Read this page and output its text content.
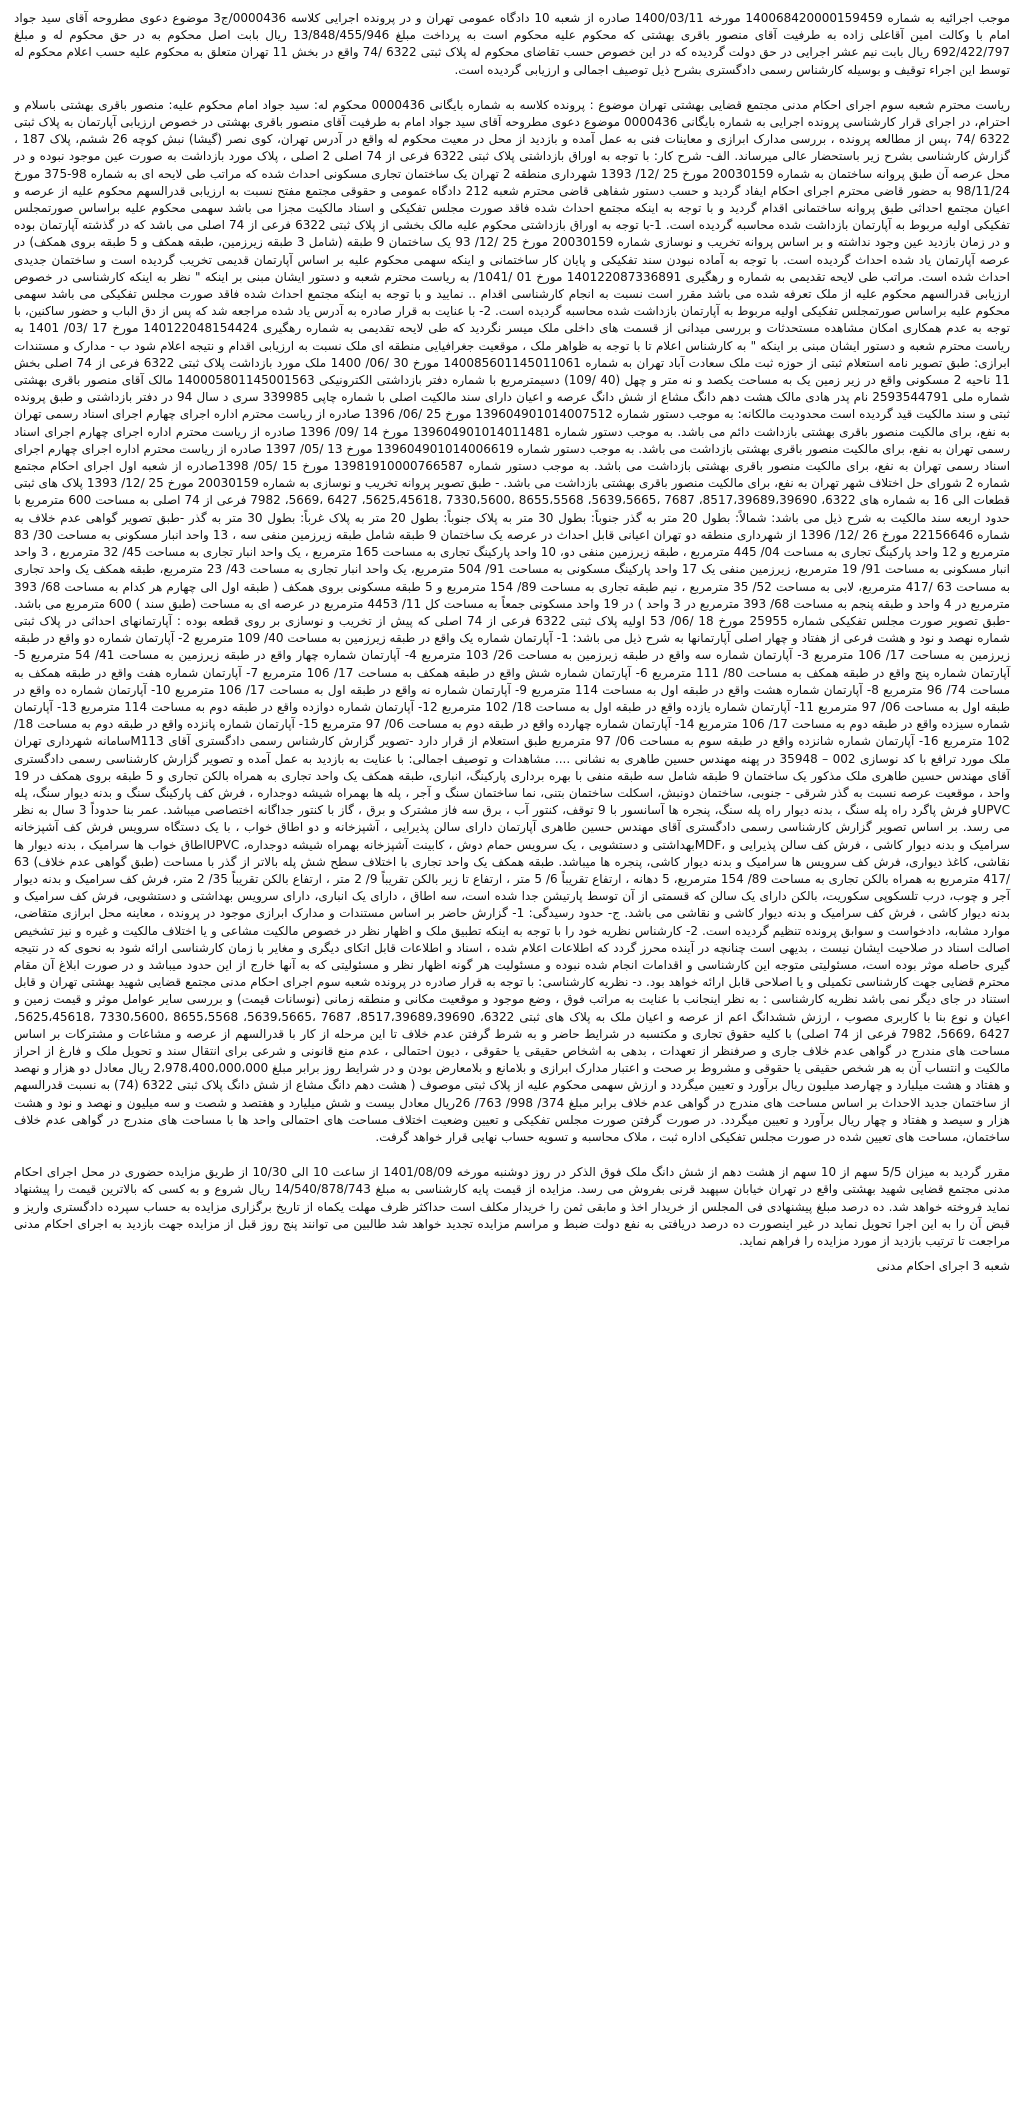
موجب اجرائیه به شماره 140068420000159459 مورخه 1400/03/11 صادره از شعبه 10 دادگاه عمومی تهران و در پرونده اجرایی کلاسه 0000436/ج3 موضوع دعوی مطروحه آقای سید جواد امام با وکالت امین آقاعلی زاده به طرفیت آقای منصور باقری بهشتی که محکوم علیه محکوم است به پرداخت مبلغ 13/848/455/946 ریال بابت اصل محکوم به در حق محکوم له و مبلغ 692/422/797 ریال بابت نیم عشر اجرایی در حق دولت گردیده که در این خصوص حسب تقاضای محکوم له پلاک ثبتی 6322 /74 واقع در بخش 11 تهران متعلق به محکوم علیه حسب اعلام محکوم له توسط این اجراء توقیف و بوسیله کارشناس رسمی دادگستری بشرح ذیل توصیف اجمالی و ارزیابی گردیده است.

ریاست محترم شعبه سوم اجرای احکام مدنی مجتمع قضایی بهشتی تهران موضوع : پرونده کلاسه به شماره بایگانی 0000436 محکوم له: سید جواد امام محکوم علیه: منصور باقری بهشتی باسلام و احترام، در اجرای قرار کارشناسی پرونده اجرایی به شماره بایگانی 0000436 موضوع دعوی مطروحه آقای سید جواد امام به طرفیت آقای منصور باقری بهشتی در خصوص ارزیابی آپارتمان به پلاک ثبتی 6322 /74 ،پس از مطالعه پرونده ، بررسی مدارک ابرازی و معاینات فنی به عمل آمده و بازدید از محل در معیت محکوم له واقع در آدرس تهران، کوی نصر (گیشا) نبش کوچه 26 ششم، پلاک 187 ، گزارش کارشناسی بشرح زیر باستحضار عالی میرساند. الف- شرح کار: با توجه به اوراق بازداشتی پلاک ثبتی 6322 فرعی از 74 اصلی 2 اصلی ، پلاک مورد بازداشت به صورت عین موجود نبوده و در محل عرصه آن طبق پروانه ساختمان به شماره 20030159 مورخ 25 /12/ 1393 شهرداری منطقه 2 تهران یک ساختمان تجاری مسکونی احداث شده که مراتب طی لایحه ای به شماره 98-375 مورخ 98/11/24 به حضور قاضی محترم اجرای احکام ایفاد گردید و حسب دستور شفاهی قاضی محترم شعبه 212 دادگاه عمومی و حقوقی مجتمع مفتح نسبت به ارزیابی قدرالسهم محکوم علیه از عرصه و اعیان مجتمع احداثی طبق پروانه ساختمانی اقدام گردید و با توجه به اینکه مجتمع احداث شده فاقد صورت مجلس تفکیکی و اسناد مالکیت مجزا می باشد سهمی محکوم علیه براساس صورتمجلس تفکیکی اولیه مربوط به آپارتمان بازداشت شده محاسبه گردیده است. 1-با توجه به اوراق بازداشتی محکوم علیه مالک بخشی از پلاک ثبتی 6322 فرعی از 74 اصلی می باشد که در گذشته آپارتمان بوده و در زمان بازدید عین وجود نداشته و بر اساس پروانه تخریب و نوسازی شماره 20030159 مورخ 25 /12/ 93 یک ساختمان 9 طبقه (شامل 3 طبقه زیرزمین، طبقه همکف و 5 طبقه بروی همکف) در عرصه آپارتمان یاد شده احداث گردیده است. با توجه به آماده نبودن سند تفکیکی و پایان کار ساختمانی و اینکه سهمی محکوم علیه بر اساس آپارتمان قدیمی تخریب گردیده است و ساختمان جدیدی احداث شده است. مراتب طی لایحه تقدیمی به شماره و رهگیری 140122087336891 مورخ 01 /1041/ به ریاست محترم شعبه و دستور ایشان مبنی بر اینکه " نظر به اینکه کارشناسی در خصوص ارزیابی قدرالسهم محکوم علیه از ملک تعرفه شده می باشد مقرر است نسبت به انجام کارشناسی اقدام .. نمایید و با توجه به اینکه مجتمع احداث شده فاقد صورت مجلس تفکیکی می باشد سهمی محکوم علیه براساس صورتمجلس تفکیکی اولیه مربوط به آپارتمان بازداشت شده محاسبه گردیده است. 2- با عنایت به قرار صادره به آدرس یاد شده مراجعه شد که پس از دق الباب و حضور ساکنین، با توجه به عدم همکاری امکان مشاهده مستحدثات و بررسی میدانی از قسمت های داخلی ملک میسر نگردید که طی لایحه تقدیمی به شماره رهگیری 140122048154424 مورخ 17 /03/ 1401 به ریاست محترم شعبه و دستور ایشان مبنی بر اینکه " به کارشناس اعلام تا با توجه به ظواهر ملک ، موقعیت جغرافیایی منطقه ای ملک نسبت به ارزیابی اقدام و نتیجه اعلام شود ب - مدارک و مستندات ابرازی: طبق تصویر نامه استعلام ثبتی از حوزه ثبت ملک سعادت آباد تهران به شماره 140085601145011061 مورخ 30 /06/ 1400 ملک مورد بازداشت پلاک ثبتی 6322 فرعی از 74 اصلی بخش 11 ناحیه 2 مسکونی واقع در زیر زمین یک به مساحت یکصد و نه متر و چهل (40 /109) دسیمترمربع با شماره دفتر بازداشتی الکترونیکی 140005801145001563 مالک آقای منصور باقری بهشتی شماره ملی 2593544791 نام پدر هادی مالک هشت دهم دانگ مشاع از شش دانگ عرصه و اعیان دارای سند مالکیت اصلی با شماره چاپی 339985 سری د سال 94 در دفتر بازداشتی و طبق پرونده ثبتی و سند مالکیت قید گردیده است محدودیت مالکانه: به موجب دستور شماره 139604901014007512 مورخ 25 /06/ 1396 صادره از ریاست محترم اداره اجرای چهارم اجرای اسناد رسمی تهران به نفع، برای مالکیت منصور باقری بهشتی بازداشت دائم می باشد. به موجب دستور شماره 139604901014011481 مورخ 14 /09/ 1396 صادره از ریاست محترم اداره اجرای چهارم اجرای اسناد رسمی تهران به نفع، برای مالکیت منصور باقری بهشتی بازداشت می باشد. به موجب دستور شماره 139604901014006619 مورخ 13 /05/ 1397 صادره از ریاست محترم اداره اجرای چهارم اجرای اسناد رسمی تهران به نفع، برای مالکیت منصور باقری بهشتی بازداشت می باشد. به موجب دستور شماره 13981910000766587 مورخ 15 /05/ 1398صادره از شعبه اول اجرای احکام مجتمع شماره 2 شورای حل اختلاف شهر تهران به نفع، برای مالکیت منصور باقری بهشتی بازداشت می باشد. - طبق تصویر پروانه تخریب و نوسازی به شماره 20030159 مورخ 25 /12/ 1393 پلاک های ثبتی قطعات الی 16 به شماره های 6322، 8517،39689،39690، 7687 ،5639،5665، 8655،5568 ،7330،5600 ،5625،45618، 6427 ،5669، 7982 فرعی از 74 اصلی به مساحت 600 مترمربع با حدود اربعه سند مالکیت به شرح ذیل می باشد: شمالاً: بطول 20 متر به گذر جنوباً: بطول 30 متر به پلاک جنوباً: بطول 20 متر به پلاک غرباً: بطول 30 متر به گذر -طبق تصویر گواهی عدم خلاف به شماره 22156646 مورخ 26 /12/ 1396 از شهرداری منطقه دو تهران اعیانی قابل احداث در عرصه یک ساختمان 9 طبقه شامل طبقه زیرزمین منفی سه ، 13 واحد انبار مسکونی به مساحت 30/ 83 مترمربع و 12 واحد پارکینگ تجاری به مساحت 04/ 445 مترمربع ، طبقه زیرزمین منفی دو، 10 واحد پارکینگ تجاری به مساحت 165 مترمربع ، یک واحد انبار تجاری به مساحت 45/ 32 مترمربع ، 3 واحد انبار مسکونی به مساحت 91/ 19 مترمربع، زیرزمین منفی یک 17 واحد پارکینگ مسکونی به مساحت 91/ 504 مترمربع، یک واحد انبار تجاری به مساحت 43/ 23 مترمربع، طبقه همکف یک واحد تجاری به مساحت 63 /417 مترمربع، لابی به مساحت 52/ 35 مترمربع ، نیم طبقه تجاری به مساحت 89/ 154 مترمربع و 5 طبقه مسکونی بروی همکف ( طبقه اول الی چهارم هر کدام به مساحت 68/ 393 مترمربع در 4 واحد و طبقه پنجم به مساحت 68/ 393 مترمربع در 3 واحد ) در 19 واحد مسکونی جمعاً به مساحت کل 11/ 4453 مترمربع در عرصه ای به مساحت (طبق سند ) 600 مترمربع می باشد. -طبق تصویر صورت مجلس تفکیکی شماره 25955 مورخ 18 /06/ 53 اولیه پلاک ثبتی 6322 فرعی از 74 اصلی که پیش از تخریب و نوسازی بر روی قطعه بوده : آپارتمانهای احداثی در پلاک ثبتی شماره نهصد و نود و هشت فرعی از هفتاد و چهار اصلی آپارتمانها به شرح ذیل می باشد: 1- آپارتمان شماره یک واقع در طبقه زیرزمین به مساحت 40/ 109 مترمربع 2- آپارتمان شماره دو واقع در طبقه زیرزمین به مساحت 17/ 106 مترمربع 3- آپارتمان شماره سه واقع در طبقه زیرزمین به مساحت 26/ 103 مترمربع 4- آپارتمان شماره چهار واقع در طبقه زیرزمین به مساحت 41/ 54 مترمربع 5- آپارتمان شماره پنج واقع در طبقه همکف به مساحت 80/ 111 مترمربع 6- آپارتمان شماره شش واقع در طبقه همکف به مساحت 17/ 106 مترمربع 7- آپارتمان شماره هفت واقع در طبقه همکف به مساحت 74/ 96 مترمربع 8- آپارتمان شماره هشت واقع در طبقه اول به مساحت 114 مترمربع 9- آپارتمان شماره نه واقع در طبقه اول به مساحت 17/ 106 مترمربع 10- آپارتمان شماره ده واقع در طبقه اول به مساحت 06/ 97 مترمربع 11- آپارتمان شماره یازده واقع در طبقه اول به مساحت 18/ 102 مترمربع 12- آپارتمان شماره دوازده واقع در طبقه دوم به مساحت 114 مترمربع 13- آپارتمان شماره سیزده واقع در طبقه دوم به مساحت 17/ 106 مترمربع 14- آپارتمان شماره چهارده واقع در طبقه دوم به مساحت 06/ 97 مترمربع 15- آپارتمان شماره پانزده واقع در طبقه دوم به مساحت 18/ 102 مترمربع 16- آپارتمان شماره شانزده واقع در طبقه سوم به مساحت 06/ 97 مترمربع طبق استعلام از قرار دارد -تصویر گزارش کارشناس رسمی دادگستری آقای M113سامانه شهرداری تهران ملک مورد ترافع با کد نوسازی 002 – 35948 در پهنه مهندس حسین طاهری به نشانی .... مشاهدات و توصیف اجمالی: با عنایت به بازدید به عمل آمده و تصویر گزارش کارشناسی رسمی دادگستری آقای مهندس حسین طاهری ملک مذکور یک ساختمان 9 طبقه شامل سه طبقه منفی با بهره برداری پارکینگ، انباری، طبقه همکف یک واحد تجاری به همراه بالکن تجاری و 5 طبقه بروی همکف در 19 واحد ، موقعیت عرصه نسبت به گذر شرقی - جنوبی، ساختمان دونبش، اسکلت ساختمان بتنی، نما ساختمان سنگ و آجر ، پله ها بهمراه شیشه دوجداره ، فرش کف پارکینگ سنگ و بدنه دیوار سنگ، پله UPVCو فرش پاگرد راه پله سنگ ، بدنه دیوار راه پله سنگ، پنجره ها آسانسور با 9 توقف، کنتور آب ، برق سه فاز مشترک و برق ، گاز با کنتور جداگانه اختصاصی میباشد. عمر بنا حدوداً 3 سال به نظر می رسد. بر اساس تصویر گزارش کارشناسی رسمی دادگستری آقای مهندس حسین طاهری آپارتمان دارای سالن پذیرایی ، آشپزخانه و دو اطاق خواب ، با یک دستگاه سرویس فرش کف آشپزخانه سرامیک و بدنه دیوار کاشی ، فرش کف سالن پذیرایی و ،MDFبهداشتی و دستشویی ، یک سرویس حمام دوش ، کابینت آشپزخانه بهمراه شیشه دوجداره، UPVCاطاق خواب ها سرامیک ، بدنه دیوار ها نقاشی، کاغذ دیواری، فرش کف سرویس ها سرامیک و بدنه دیوار کاشی، پنجره ها میباشد. طبقه همکف یک واحد تجاری با اختلاف سطح شش پله بالاتر از گذر با مساحت (طبق گواهی عدم خلاف) 63 /417 مترمربع به همراه بالکن تجاری به مساحت 89/ 154 مترمربع، 5 دهانه ، ارتفاع تقریباً 6/ 5 متر ، ارتفاع تا زیر بالکن تقریباً 9/ 2 متر ، ارتفاع بالکن تقریباً 35/ 2 متر، فرش کف سرامیک و بدنه دیوار آجر و چوب، درب تلسکوپی سکوریت، بالکن دارای یک سالن که قسمتی از آن توسط پارتیشن جدا شده است، سه اطاق ، دارای یک انباری، دارای سرویس بهداشتی و دستشویی، فرش کف سرامیک و بدنه دیوار کاشی ، فرش کف سرامیک و بدنه دیوار کاشی و نقاشی می باشد. ج- حدود رسیدگی: 1- گزارش حاضر بر اساس مستندات و مدارک ابرازی موجود در پرونده ، معاینه محل ابرازی متقاضی، موارد مشابه، دادخواست و سوابق پرونده تنظیم گردیده است. 2- کارشناس نظریه خود را با توجه به اینکه تطبیق ملک و اظهار نظر در خصوص مالکیت مشاعی و یا اختلاف مالکیت و غیره و نیز تشخیص اصالت اسناد در صلاحیت ایشان نیست ، بدیهی است چنانچه در آینده محرز گردد که اطلاعات اعلام شده ، اسناد و اطلاعات قابل اتکای دیگری و مغایر با زمان کارشناسی ارائه شود به نحوی که در نتیجه گیری حاصله موثر بوده است، مسئولیتی متوجه این کارشناسی و اقدامات انجام شده نبوده و مسئولیت هر گونه اظهار نظر و مسئولیتی که به آنها خارج از این حدود میباشد و در صورت ابلاغ آن مقام محترم قضایی جهت کارشناسی تکمیلی و یا اصلاحی قابل ارائه خواهد بود. د- نظریه کارشناسی: با توجه به قرار صادره در پرونده شعبه سوم اجرای احکام مدنی مجتمع قضایی شهید بهشتی تهران و قابل استناد در جای دیگر نمی باشد نظریه کارشناسی : به نظر اینجانب با عنایت به مراتب فوق ، وضع موجود و موقعیت مکانی و منطقه زمانی (نوسانات قیمت) و بررسی سایر عوامل موثر و قیمت زمین و اعیان و نوع بنا با کاربری مصوب ، ارزش ششدانگ اعم از عرصه و اعیان ملک به پلاک های ثبتی 6322، 8517،39689،39690، 7687 ،5639،5665، 8655،5568 ،7330،5600 ،5625،45618، 6427 ،5669، 7982 فرعی از 74 اصلی) با کلیه حقوق تجاری و مکتسبه در شرایط حاضر و به شرط گرفتن عدم خلاف تا این مرحله از کار با قدرالسهم از عرصه و مشاعات و مشترکات بر اساس مساحت های مندرج در گواهی عدم خلاف جاری و صرفنظر از تعهدات ، بدهی به اشخاص حقیقی یا حقوقی ، دیون احتمالی ، عدم منع قانونی و شرعی برای انتقال سند و تحویل ملک و فارغ از احراز مالکیت و انتساب آن به هر شخص حقیقی یا حقوقی و مشروط بر صحت و اعتبار مدارک ابرازی و بلامانع و بلامعارض بودن و در شرایط روز برابر مبلغ 2،978،400،000،000 ریال معادل دو هزار و نهصد و هفتاد و هشت میلیارد و چهارصد میلیون ریال برآورد و تعیین میگردد و ارزش سهمی محکوم علیه از پلاک ثبتی موصوف ( هشت دهم دانگ مشاع از شش دانگ پلاک ثبتی 6322 (74) به نسبت قدرالسهم از ساختمان جدید الاحداث بر اساس مساحت های مندرج در گواهی عدم خلاف برابر مبلغ 374/ 998/ 763/ 26ریال معادل بیست و شش میلیارد و هفتصد و شصت و سه میلیون و نهصد و نود و هشت هزار و سیصد و هفتاد و چهار ریال برآورد و تعیین میگردد. در صورت گرفتن صورت مجلس تفکیکی و تعیین وضعیت اختلاف مساحت های احتمالی واحد ها با مساحت های مندرج در گواهی عدم خلاف ساختمان، مساحت های تعیین شده در صورت مجلس تفکیکی اداره ثبت ، ملاک محاسبه و تسویه حساب نهایی قرار خواهد گرفت.

مقرر گردید به میزان 5/5 سهم از 10 سهم از هشت دهم از شش دانگ ملک فوق الذکر در روز دوشنبه مورخه 1401/08/09 از ساعت 10 الی 10/30 از طریق مزایده حضوری در محل اجرای احکام مدنی مجتمع قضایی شهید بهشتی واقع در تهران خیابان سپهبد قرنی بفروش می رسد. مزایده از قیمت پایه کارشناسی به مبلغ 14/540/878/743 ریال شروع و به کسی که بالاترین قیمت را پیشنهاد نماید فروخته خواهد شد. ده درصد مبلغ پیشنهادی فی المجلس از خریدار اخذ و مابقی ثمن را خریدار مکلف است حداکثر ظرف مهلت یکماه از تاریخ برگزاری مزایده به حساب سپرده دادگستری واریز و قبض آن را به این اجرا تحویل نماید در غیر اینصورت ده درصد دریافتی به نفع دولت ضبط و مراسم مزایده تجدید خواهد شد طالبین می توانند پنج روز قبل از مزایده جهت بازدید به اجرای احکام مدنی مراجعت تا ترتیب بازدید از مورد مزایده را فراهم نماید.

شعبه 3 اجرای احکام مدنی
